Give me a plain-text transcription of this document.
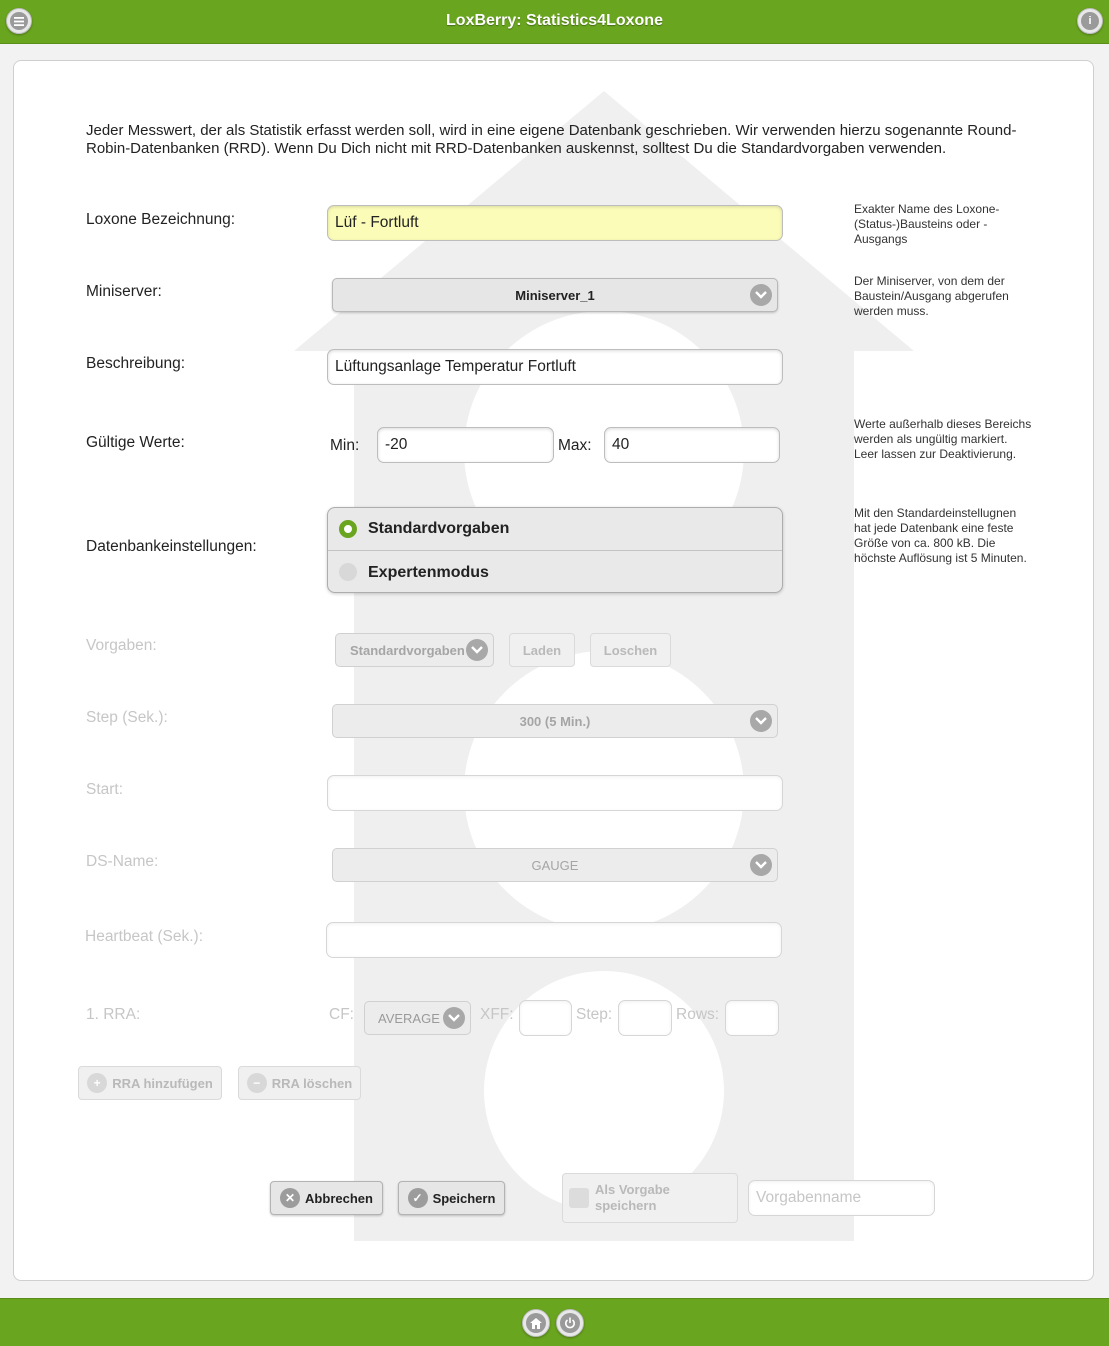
LoxBerry: Statistics4Loxone	i
Jeder Messwert, der als Statistik erfasst werden soll, wird in eine eigene Datenbank geschrieben. Wir verwenden hierzu sogenannte Round-Robin-Datenbanken (RRD). Wenn Du Dich nicht mit RRD-Datenbanken auskennst, solltest Du die Standardvorgaben verwenden.
Loxone Bezeichnung:	Lüf - Fortluft
Exakter Name des Loxone-(Status-)Bausteins oder -Ausgangs
Miniserver:	Miniserver_1
Der Miniserver, von dem der Baustein/Ausgang abgerufen werden muss.
Beschreibung:	Lüftungsanlage Temperatur Fortluft
Gültige Werte:	Min:	-20	Max:	40
Werte außerhalb dieses Bereichs werden als ungültig markiert. Leer lassen zur Deaktivierung.
Datenbankeinstellungen:
Standardvorgaben
Expertenmodus
Mit den Standardeinstellugnen hat jede Datenbank eine feste Größe von ca. 800 kB. Die höchste Auflösung ist 5 Minuten.
Vorgaben:	Standardvorgaben	Laden	Loschen
Step (Sek.):	300 (5 Min.)
Start:
DS-Name:	GAUGE
Heartbeat (Sek.):
1. RRA:	CF: AVERAGE	XFF:	Step:	Rows:
+ RRA hinzufügen	− RRA löschen
✕ Abbrechen	✓ Speichern
Als Vorgabe speichern	Vorgabenname
